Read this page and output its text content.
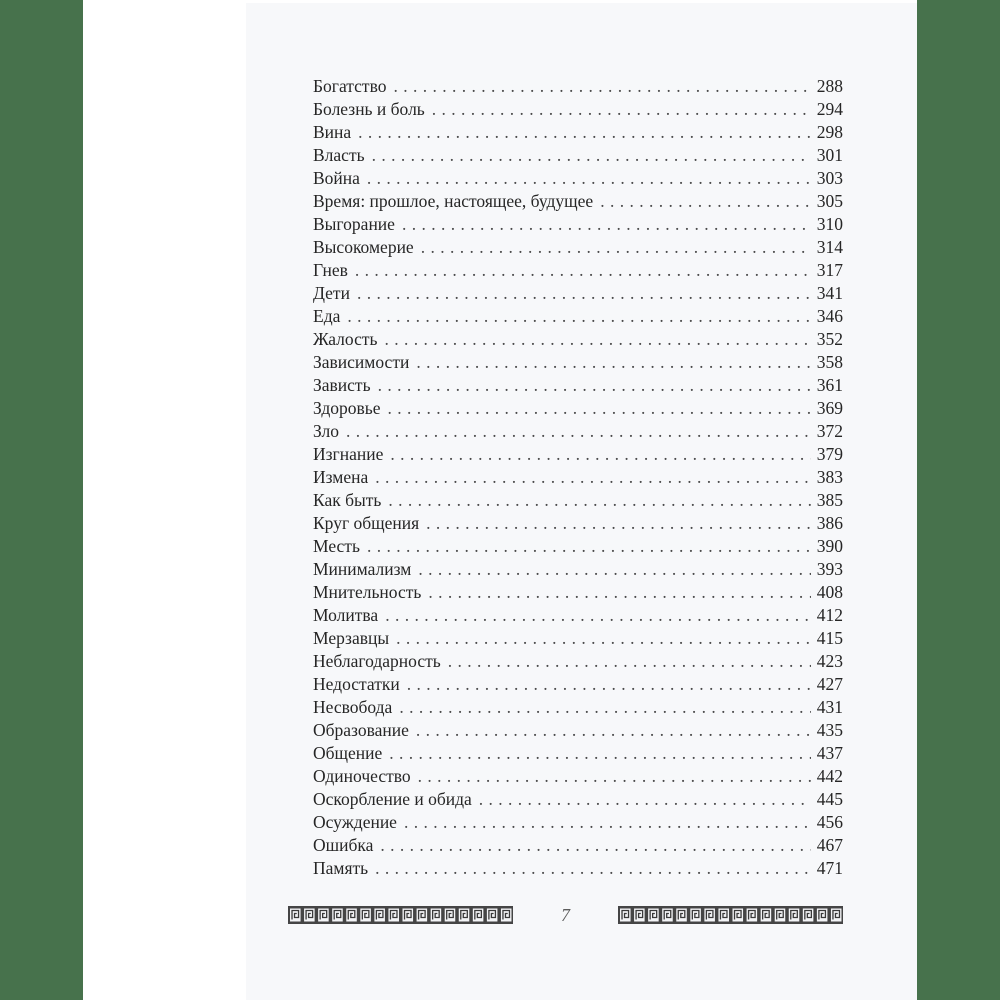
Богатство . . .	288
Болезнь и боль . . .	294
Вина . . .	298
Власть . . .	301
Война . . .	303
Время: прошлое, настоящее, будущее . . .	305
Выгорание . . .	310
Высокомерие . . .	314
Гнев . . .	317
Дети . . .	341
Еда . . .	346
Жалость . . .	352
Зависимости . . .	358
Зависть . . .	361
Здоровье . . .	369
Зло . . .	372
Изгнание . . .	379
Измена . . .	383
Как быть . . .	385
Круг общения . . .	386
Месть . . .	390
Минимализм . . .	393
Мнительность . . .	408
Молитва . . .	412
Мерзавцы . . .	415
Неблагодарность . . .	423
Недостатки . . .	427
Несвобода . . .	431
Образование . . .	435
Общение . . .	437
Одиночество . . .	442
Оскорбление и обида . . .	445
Осуждение . . .	456
Ошибка . . .	467
Память . . .	471
7
